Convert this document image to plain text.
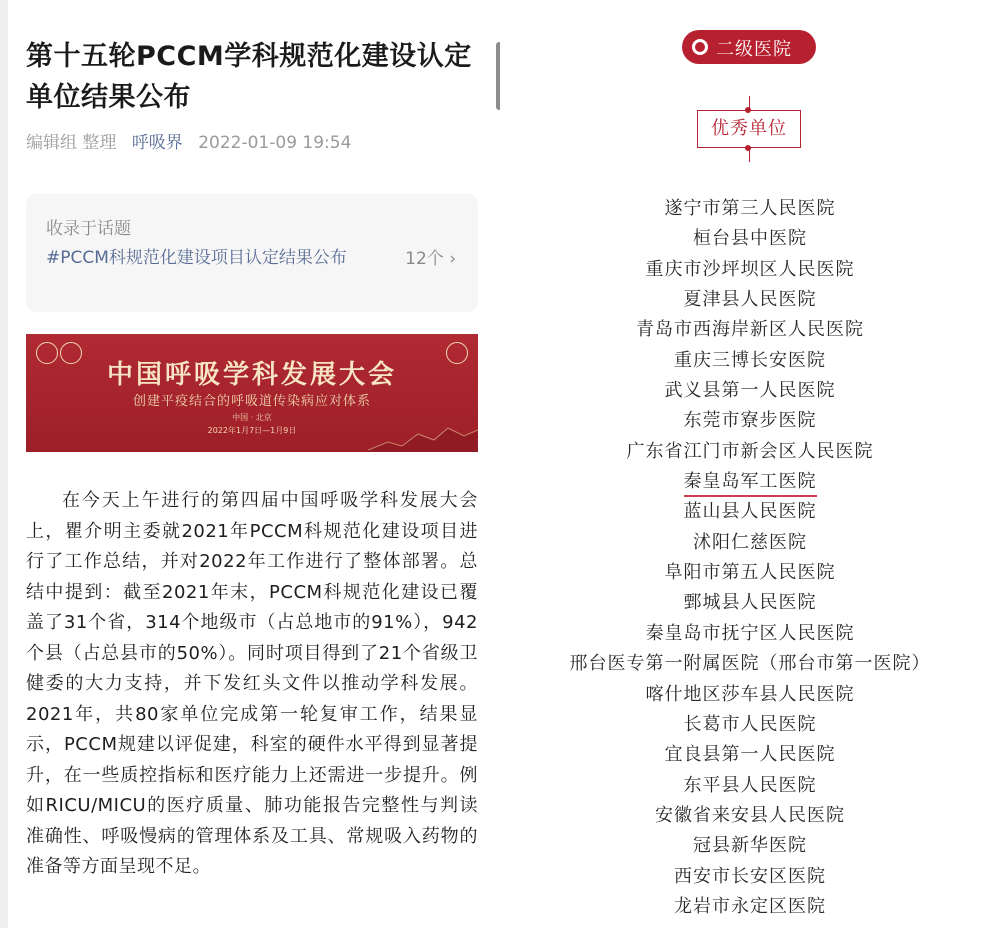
第十五轮PCCM学科规范化建设认定单位结果公布
编辑组 整理 呼吸界 2022-01-09 19:54
收录于话题
#PCCM科规范化建设项目认定结果公布	12个 ›
中国呼吸学科发展大会
创建平疫结合的呼吸道传染病应对体系
中国 · 北京
2022年1月7日—1月9日

在今天上午进行的第四届中国呼吸学科发展大会上，瞿介明主委就2021年PCCM科规范化建设项目进行了工作总结，并对2022年工作进行了整体部署。总结中提到：截至2021年末，PCCM科规范化建设已覆盖了31个省，314个地级市（占总地市的91%），942个县（占总县市的50%）。同时项目得到了21个省级卫健委的大力支持，并下发红头文件以推动学科发展。2021年，共80家单位完成第一轮复审工作，结果显示，PCCM规建以评促建，科室的硬件水平得到显著提升，在一些质控指标和医疗能力上还需进一步提升。例如RICU/MICU的医疗质量、肺功能报告完整性与判读准确性、呼吸慢病的管理体系及工具、常规吸入药物的准备等方面呈现不足。

二级医院
优秀单位
遂宁市第三人民医院
桓台县中医院
重庆市沙坪坝区人民医院
夏津县人民医院
青岛市西海岸新区人民医院
重庆三博长安医院
武义县第一人民医院
东莞市寮步医院
广东省江门市新会区人民医院
秦皇岛军工医院
蓝山县人民医院
沭阳仁慈医院
阜阳市第五人民医院
鄄城县人民医院
秦皇岛市抚宁区人民医院
邢台医专第一附属医院（邢台市第一医院）
喀什地区莎车县人民医院
长葛市人民医院
宜良县第一人民医院
东平县人民医院
安徽省来安县人民医院
冠县新华医院
西安市长安区医院
龙岩市永定区医院
